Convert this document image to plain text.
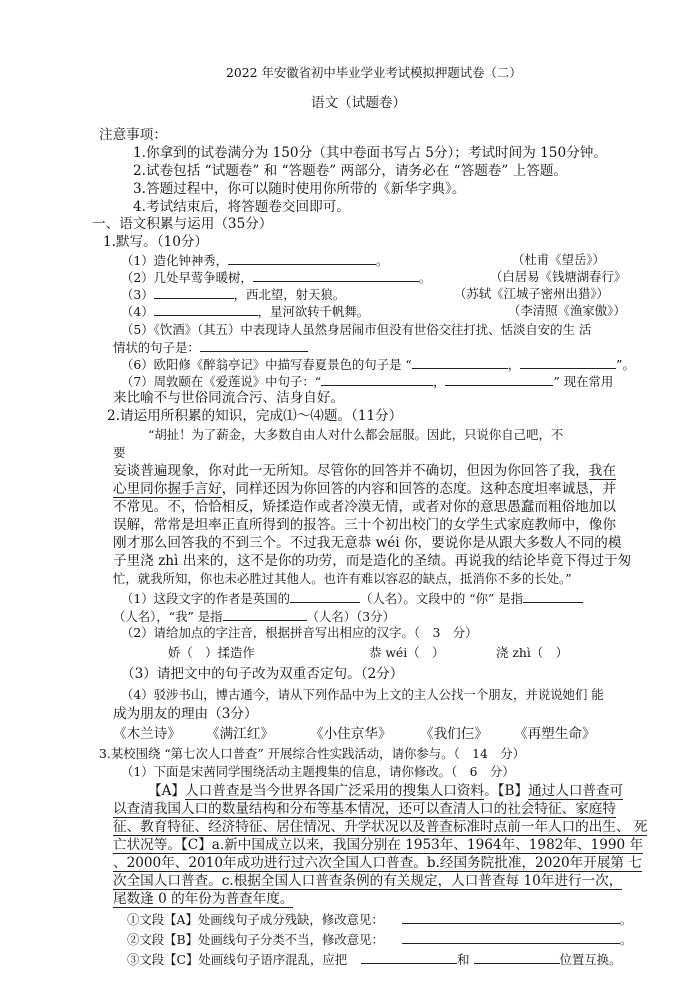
2022 年安徽省初中毕业学业考试模拟押题试卷（二）
语文（试题卷）
注意事项：
1.你拿到的试卷满分为 150分（其中卷面书写占 5分）；考试时间为 150分钟。
2.试卷包括 “试题卷” 和 “答题卷” 两部分，请务必在 “答题卷” 上答题。
3.答题过程中，你可以随时使用你所带的《新华字典》。
4.考试结束后，将答题卷交回即可。
一、语文积累与运用（35分）
1.默写。（10分）
（1）造化钟神秀，	。	（杜甫《望岳》）
（2）几处早莺争暖树，	。	（白居易《钱塘湖春行》
（3）	，西北望，射天狼。	（苏轼《江城子密州出猎》）
（4）	，星河欲转千帆舞。	（李清照《渔家傲》）
（5）《饮酒》（其五）中表现诗人虽然身居闹市但没有世俗交往打扰、恬淡自安的生 活
情状的句子是：
（6）欧阳修《醉翁亭记》中描写春夏景色的句子是 “	，	”。
（7）周敦颐在《爱莲说》中句子：“	，	” 现在常用
来比喻不与世俗同流合污、洁身自好。
2.请运用所积累的知识，完成⑴～⑷题。（11分）
“胡扯！为了薪金，大多数自由人对什么都会屈服。因此，只说你自己吧，不
要
妄谈普遍现象，你对此一无所知。尽管你的回答并不确切，但因为你回答了我，我在
心里同你握手言好，同样还因为你回答的内容和回答的态度。这种态度坦率诚恳，并
不常见。不，恰恰相反，矫揉造作或者冷漠无情，或者对你的意思愚蠢而粗俗地加以
误解，常常是坦率正直所得到的报答。三十个初出校门的女学生式家庭教师中，像你
刚才那么回答我的不到三个。不过我无意恭 wéi 你，要说你是从跟大多数人不同的模
子里浇 zhì 出来的，这不是你的功劳，而是造化的圣绩。再说我的结论毕竟下得过于匆
忙，就我所知，你也未必胜过其他人。也许有难以容忍的缺点，抵消你不多的长处。”
（1）这段文字的作者是英国的	（人名）。文段中的 “你” 是指
（人名），“我” 是指	（人名）（3分）
（2）请给加点的字注音，根据拼音写出相应的汉字。（　3　分）
娇（　）揉造作	恭 wéi（　）	浇 zhì（　）
（3）请把文中的句子改为双重否定句。（2分）
（4）驳涉书山，博古通今，请从下列作品中为上文的主人公找一个朋友，并说说她们 能
成为朋友的理由（3分）
《木兰诗》 《满江红》	《小住京华》 《我们仨》 《再塑生命》
3.某校围绕 “第七次人口普查” 开展综合性实践活动，请你参与。（　14　分）
（1）下面是宋茜同学围绕活动主题搜集的信息，请你修改。（　6　分）
【A】人口普查是当今世界各国广泛采用的搜集人口资料。【B】通过人口普查可
以查清我国人口的数量结构和分布等基本情况，还可以查清人口的社会特征、家庭特
征、教育特征、经济特征、居住情况、升学状况以及普查标准时点前一年人口的出生、 死
亡状况等。【C】a.新中国成立以来，我国分别在 1953年、1964年、1982年、1990 年
、2000年、2010年成功进行过六次全国人口普查。b.经国务院批准，2020年开展第 七
次全国人口普查。c.根据全国人口普查条例的有关规定，人口普查每 10年进行一次，
尾数逢 0 的年份为普查年度。
①文段【A】处画线句子成分残缺，修改意见：	。
②文段【B】处画线句子分类不当，修改意见：	。
③文段【C】处画线句子语序混乱，应把	和	位置互换。
